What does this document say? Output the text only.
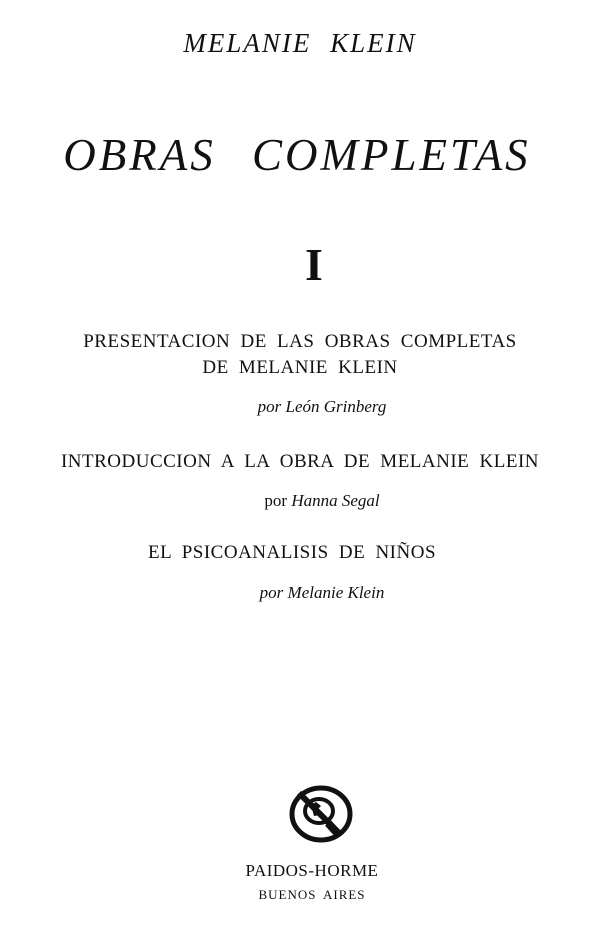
MELANIE KLEIN
OBRAS COMPLETAS
I
PRESENTACION DE LAS OBRAS COMPLETAS
DE MELANIE KLEIN
por León Grinberg
INTRODUCCION A LA OBRA DE MELANIE KLEIN
por Hanna Segal
EL PSICOANALISIS DE NIÑOS
por Melanie Klein
PAIDOS-HORME
BUENOS AIRES
